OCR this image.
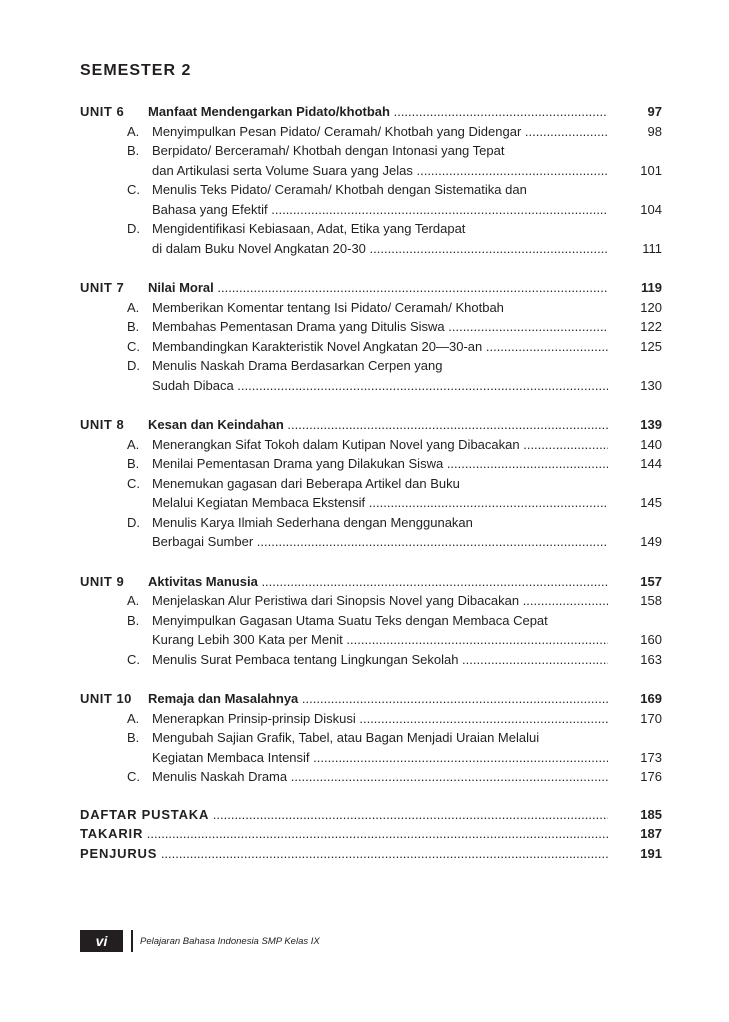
SEMESTER 2
UNIT 6 Manfaat Mendengarkan Pidato/khotbah .....	97
A. Menyimpulkan Pesan Pidato/ Ceramah/ Khotbah yang Didengar .....	98
B. Berpidato/ Berceramah/ Khotbah dengan Intonasi yang Tepat
dan Artikulasi serta Volume Suara yang Jelas .....	101
C. Menulis Teks Pidato/ Ceramah/ Khotbah dengan Sistematika dan
Bahasa yang Efektif .....	104
D. Mengidentifikasi Kebiasaan, Adat, Etika yang Terdapat
di dalam Buku Novel Angkatan 20-30 .....	111
UNIT 7 Nilai Moral .....	119
A. Memberikan Komentar tentang Isi Pidato/ Ceramah/ Khotbah	120
B. Membahas Pementasan Drama yang Ditulis Siswa .....	122
C. Membandingkan Karakteristik Novel Angkatan 20—30-an .....	125
D. Menulis Naskah Drama Berdasarkan Cerpen yang
Sudah Dibaca .....	130
UNIT 8 Kesan dan Keindahan .....	139
A. Menerangkan Sifat Tokoh dalam Kutipan Novel yang Dibacakan .....	140
B. Menilai Pementasan Drama yang Dilakukan Siswa .....	144
C. Menemukan gagasan dari Beberapa Artikel dan Buku
Melalui Kegiatan Membaca Ekstensif .....	145
D. Menulis Karya Ilmiah Sederhana dengan Menggunakan
Berbagai Sumber .....	149
UNIT 9 Aktivitas Manusia .....	157
A. Menjelaskan Alur Peristiwa dari Sinopsis Novel yang Dibacakan .....	158
B. Menyimpulkan Gagasan Utama Suatu Teks dengan Membaca Cepat
Kurang Lebih 300 Kata per Menit .....	160
C. Menulis Surat Pembaca tentang Lingkungan Sekolah .....	163
UNIT 10 Remaja dan Masalahnya .....	169
A. Menerapkan Prinsip-prinsip Diskusi .....	170
B. Mengubah Sajian Grafik, Tabel, atau Bagan Menjadi Uraian Melalui
Kegiatan Membaca Intensif .....	173
C. Menulis Naskah Drama .....	176
DAFTAR PUSTAKA .....	185
TAKARIR .....	187
PENJURUS .....	191
vi	Pelajaran Bahasa Indonesia SMP Kelas IX
